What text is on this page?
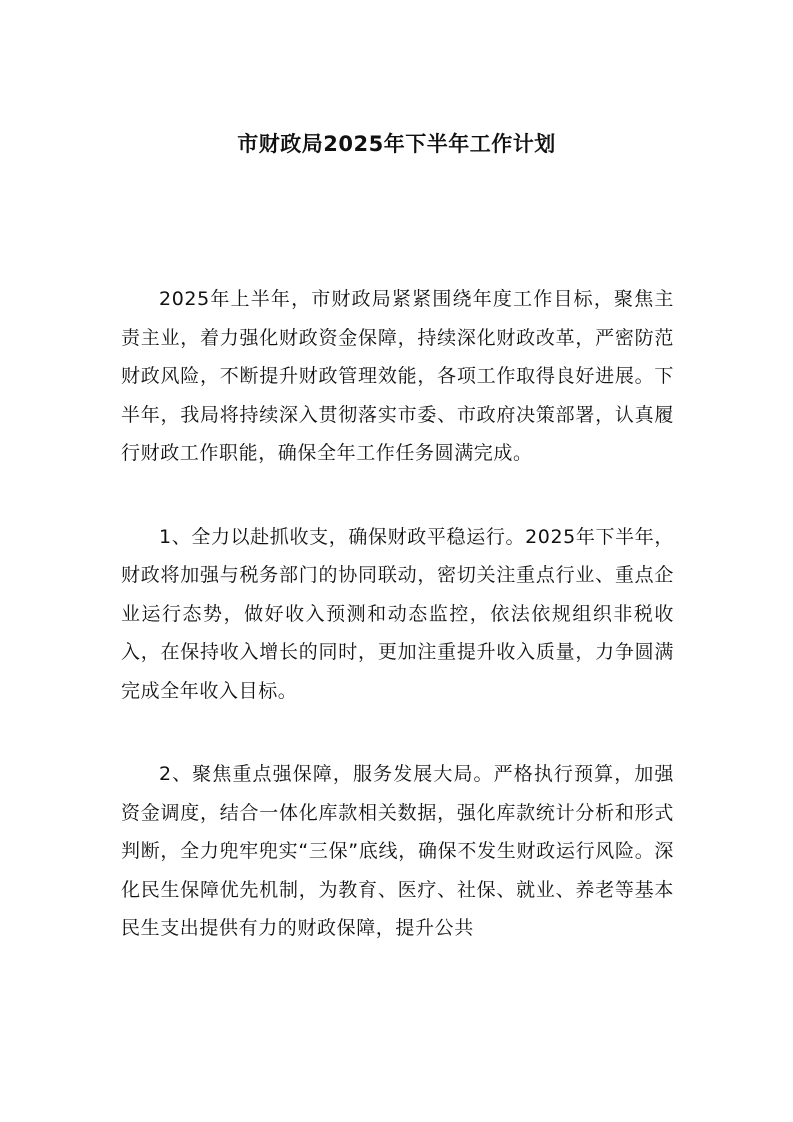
市财政局2025年下半年工作计划

2025年上半年，市财政局紧紧围绕年度工作目标，聚焦主责主业，着力强化财政资金保障，持续深化财政改革，严密防范财政风险，不断提升财政管理效能，各项工作取得良好进展。下半年，我局将持续深入贯彻落实市委、市政府决策部署，认真履行财政工作职能，确保全年工作任务圆满完成。

1、全力以赴抓收支，确保财政平稳运行。2025年下半年，财政将加强与税务部门的协同联动，密切关注重点行业、重点企业运行态势，做好收入预测和动态监控，依法依规组织非税收入，在保持收入增长的同时，更加注重提升收入质量，力争圆满完成全年收入目标。

2、聚焦重点强保障，服务发展大局。严格执行预算，加强资金调度，结合一体化库款相关数据，强化库款统计分析和形式判断，全力兜牢兜实“三保”底线，确保不发生财政运行风险。深化民生保障优先机制，为教育、医疗、社保、就业、养老等基本民生支出提供有力的财政保障，提升公共
